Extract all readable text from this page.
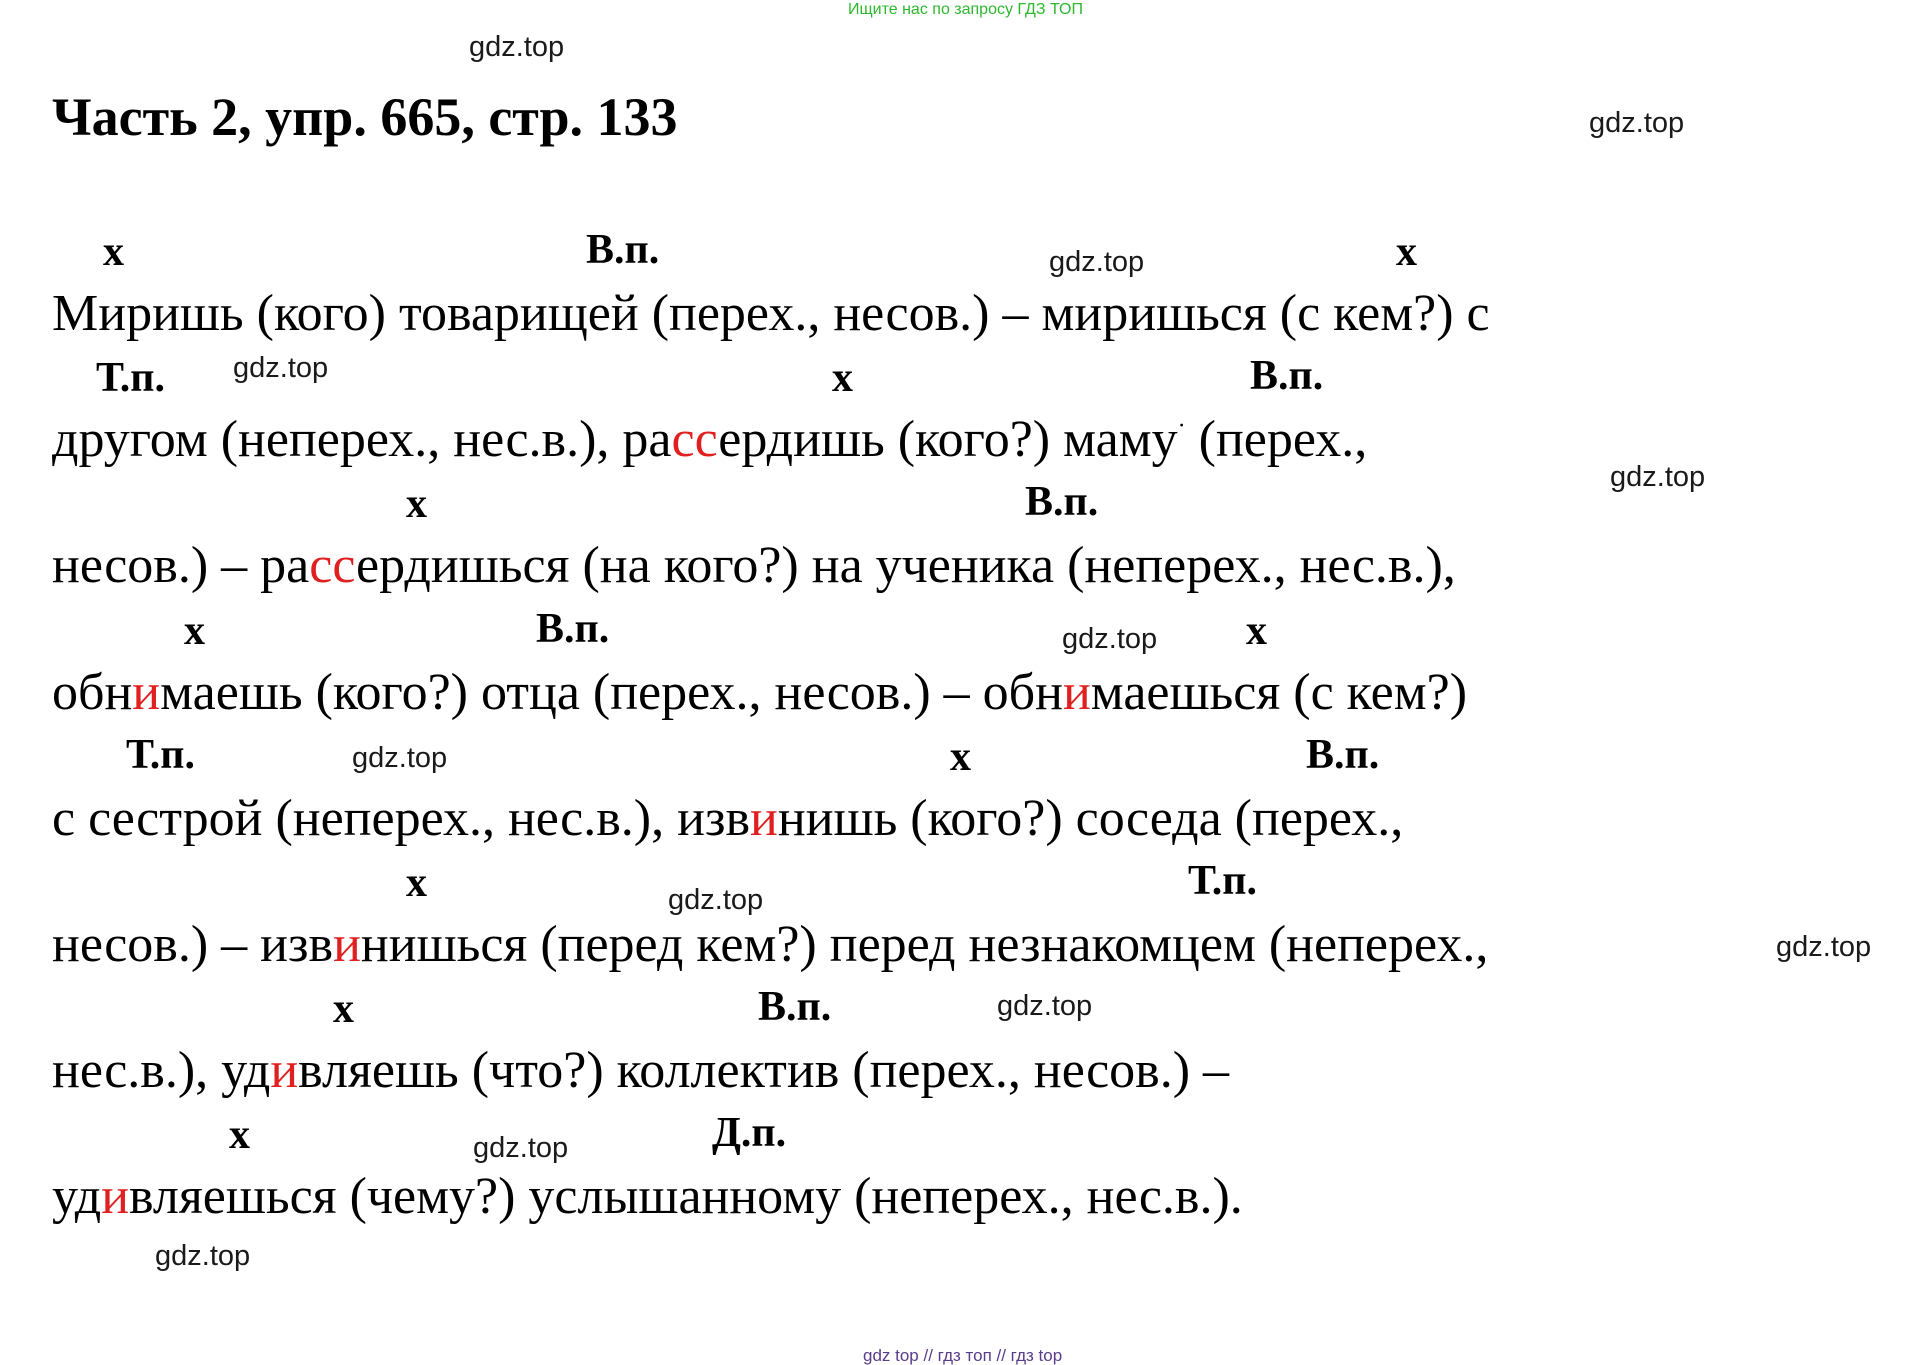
Ищите нас по запросу ГДЗ ТОП
Часть 2, упр. 665, стр. 133
gdz.top
gdz.top
gdz.top
gdz.top
gdz.top
gdz.top
gdz.top
gdz.top
gdz.top
gdz.top
gdz.top
gdz.top
x	В.п.	x
Миришь (кого) товарищей (перех., несов.) – миришься (с кем?) с
Т.п.	x	В.п.
другом (неперех., нес.в.), рассердишь (кого?) маму· (перех.,
x	В.п.
несов.) – рассердишься (на кого?) на ученика (неперех., нес.в.),
x	В.п.	x
обнимаешь (кого?) отца (перех., несов.) – обнимаешься (с кем?)
Т.п.	x	В.п.
с сестрой (неперех., нес.в.), извинишь (кого?) соседа (перех.,
x	Т.п.
несов.) – извинишься (перед кем?) перед незнакомцем (неперех.,
x	В.п.
нес.в.), удивляешь (что?) коллектив (перех., несов.) –
x	Д.п.
удивляешься (чему?) услышанному (неперех., нес.в.).
gdz top // гдз топ // гдз top
